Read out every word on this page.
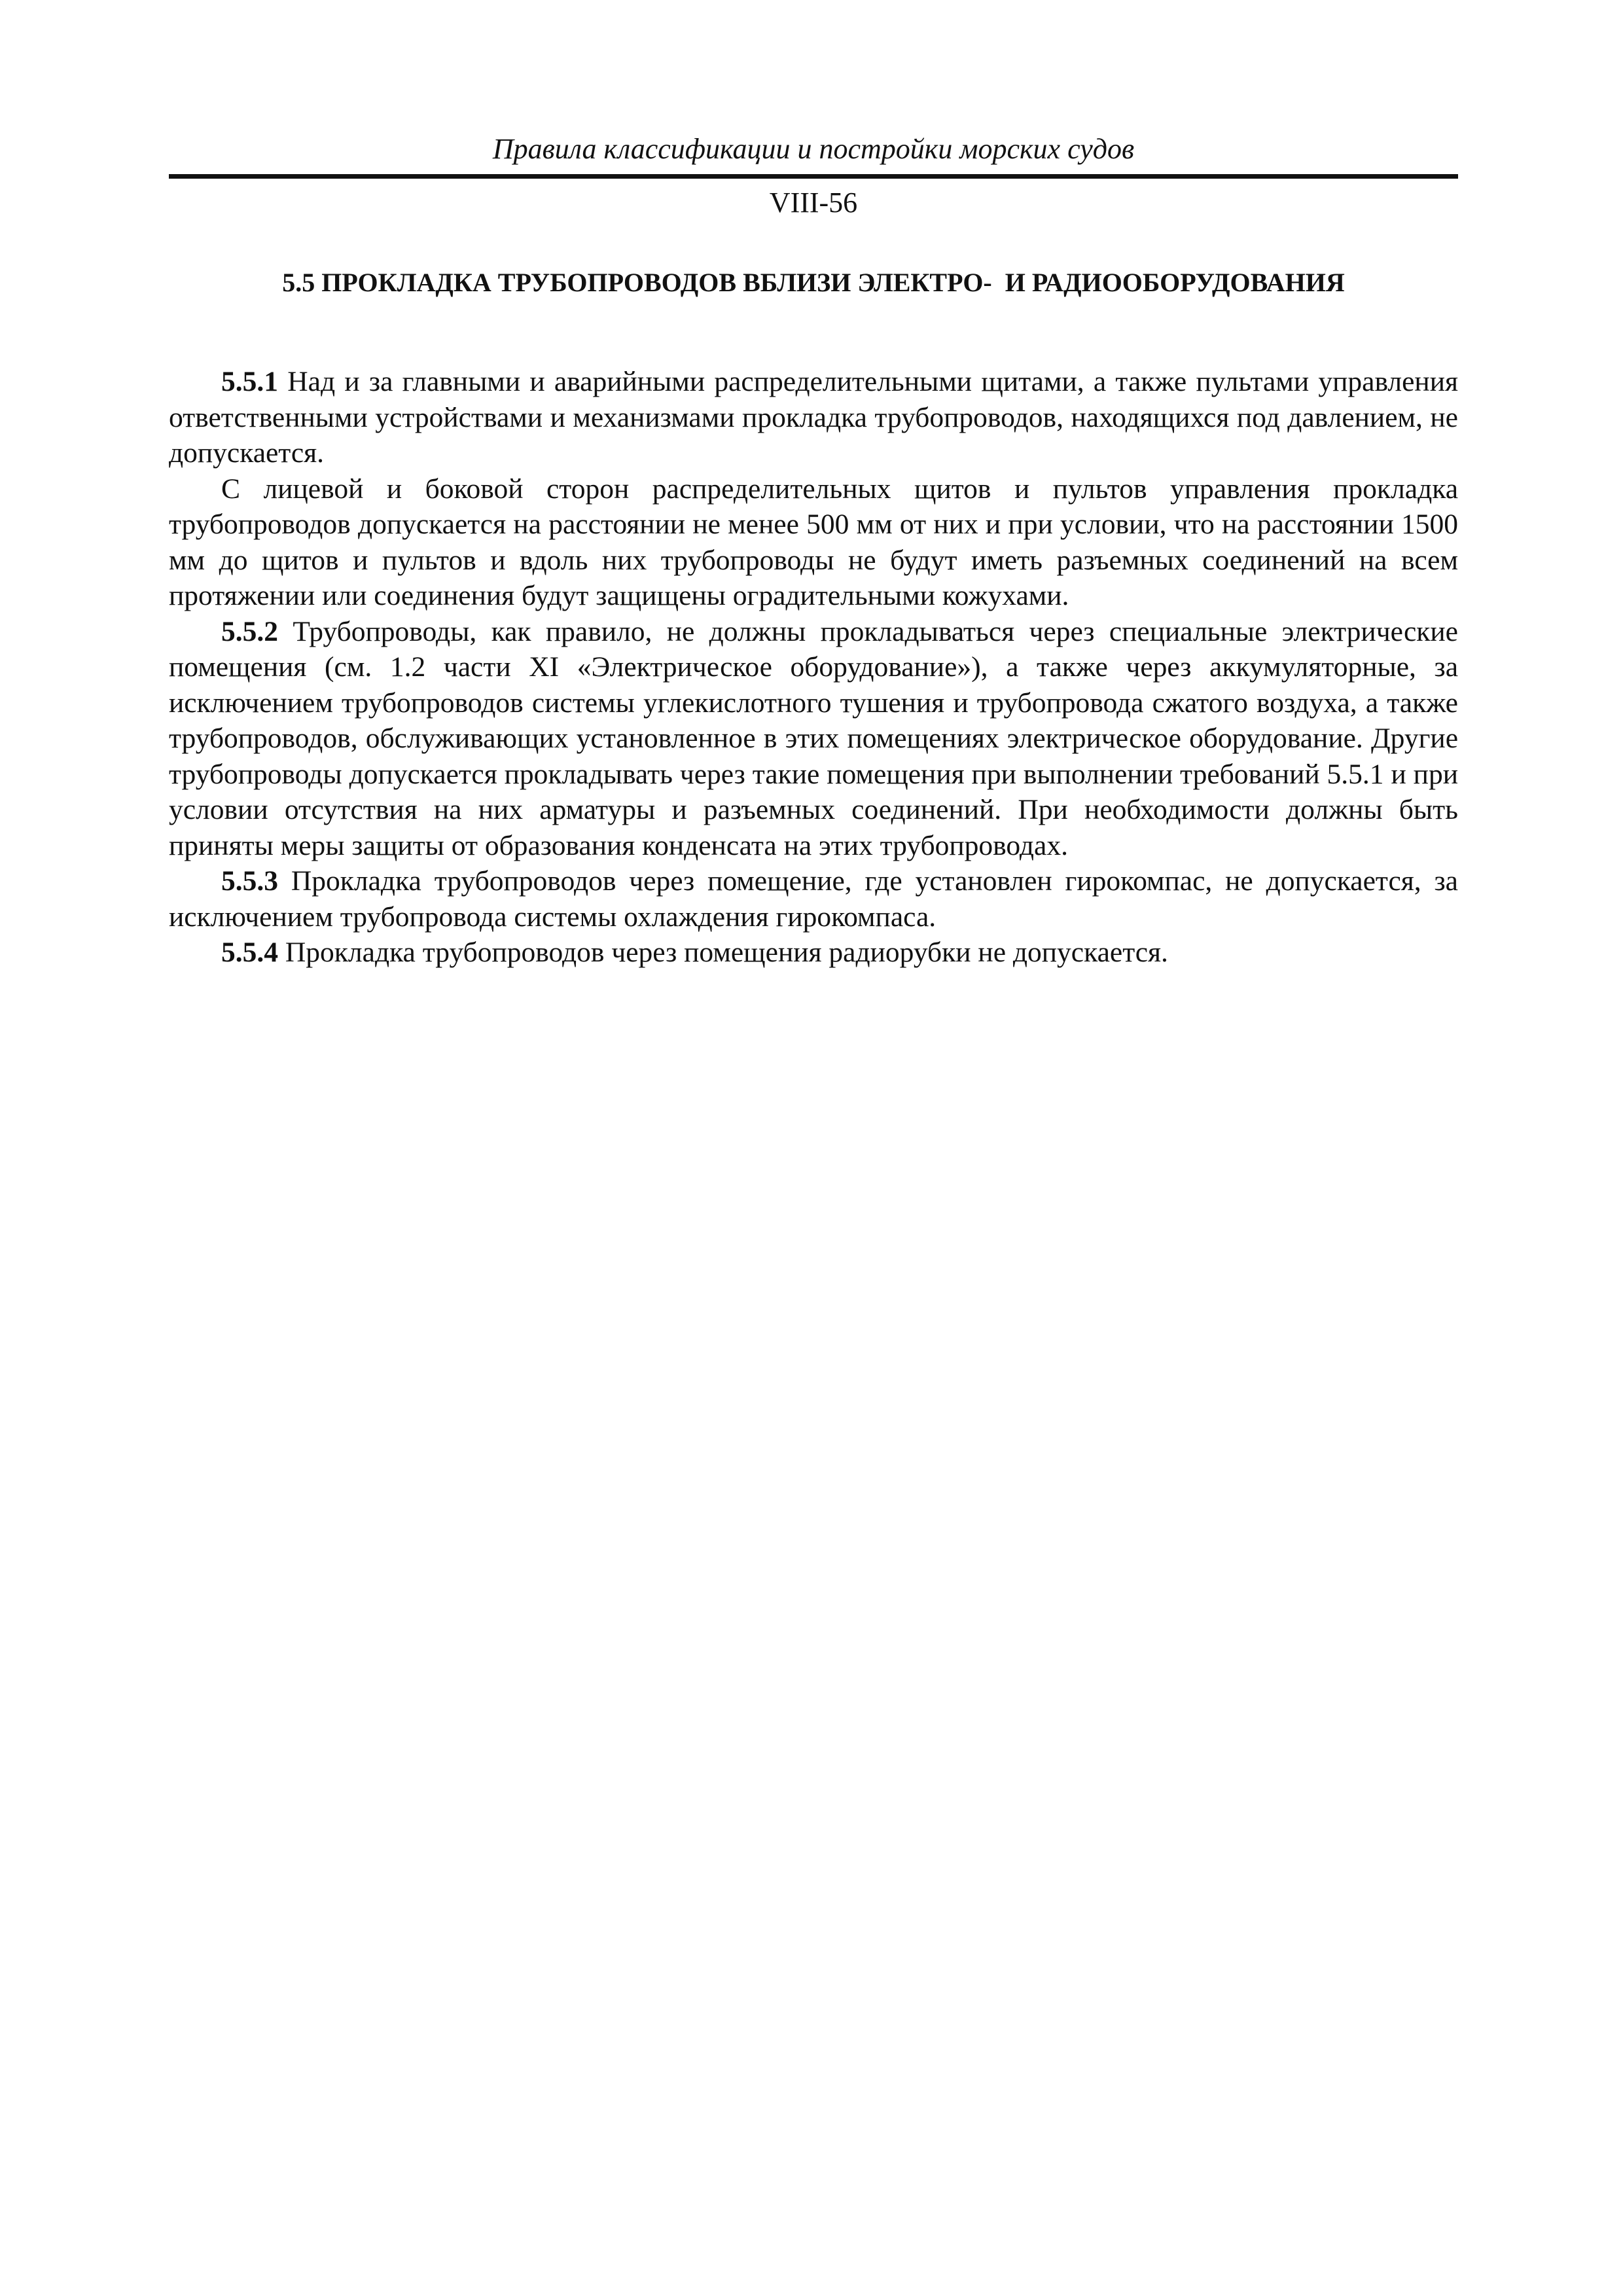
Правила классификации и постройки морских судов

VIII-56

5.5 ПРОКЛАДКА ТРУБОПРОВОДОВ ВБЛИЗИ ЭЛЕКТРО-  И РАДИООБОРУДОВАНИЯ

5.5.1 Над и за главными и аварийными распределительными щитами, а также пультами управления ответственными устройствами и механизмами прокладка трубопроводов, находящихся под давлением, не допускается.

С лицевой и боковой сторон распределительных щитов и пультов управления прокладка трубопроводов допускается на расстоянии не менее 500 мм от них и при условии, что на расстоянии 1500 мм до щитов и пультов и вдоль них трубопроводы не будут иметь разъемных соединений на всем протяжении или соединения будут защищены оградительными кожухами.

5.5.2 Трубопроводы, как правило, не должны прокладываться через специальные электрические помещения (см. 1.2 части XI «Электрическое оборудование»), а также через аккумуляторные, за исключением трубопроводов системы углекислотного тушения и трубопровода сжатого воздуха, а также трубопроводов, обслуживающих установленное в этих помещениях электрическое оборудование. Другие трубопроводы допускается прокладывать через такие помещения при выполнении требований 5.5.1 и при условии отсутствия на них арматуры и разъемных соединений. При необходимости должны быть приняты меры защиты от образования конденсата на этих трубопроводах.

5.5.3 Прокладка трубопроводов через помещение, где установлен гирокомпас, не допускается, за исключением трубопровода системы охлаждения гирокомпаса.

5.5.4 Прокладка трубопроводов через помещения радиорубки не допускается.
